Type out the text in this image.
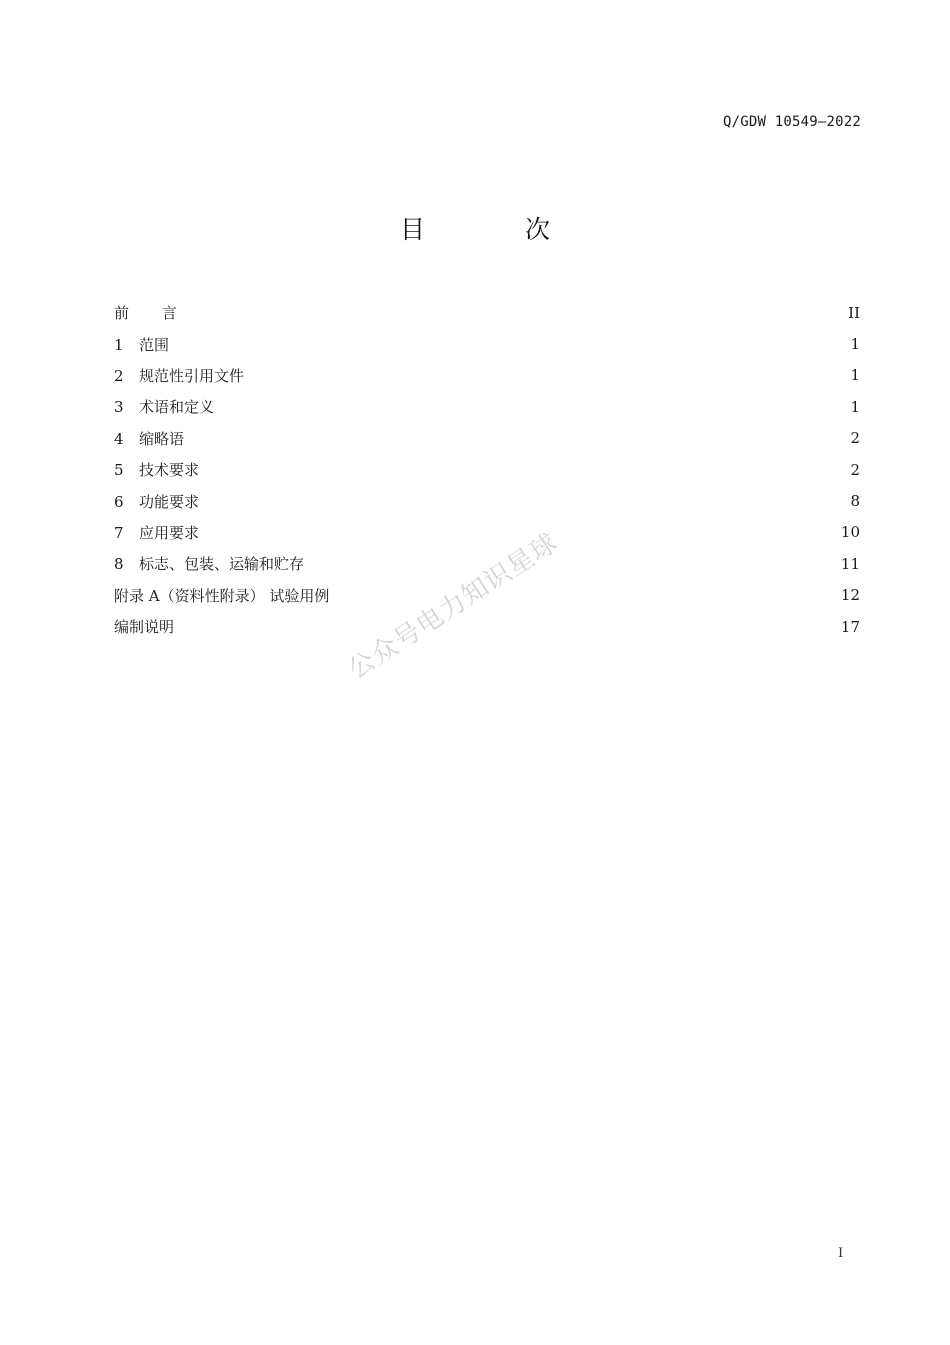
Q/GDW 10549—2022
目 次
前 言	II
1 范围	1
2 规范性引用文件	1
3 术语和定义	1
4 缩略语	2
5 技术要求	2
6 功能要求	8
7 应用要求	10
8 标志、包装、运输和贮存	11
附录 A（资料性附录） 试验用例	12
编制说明	17
公众号电力知识星球
I
